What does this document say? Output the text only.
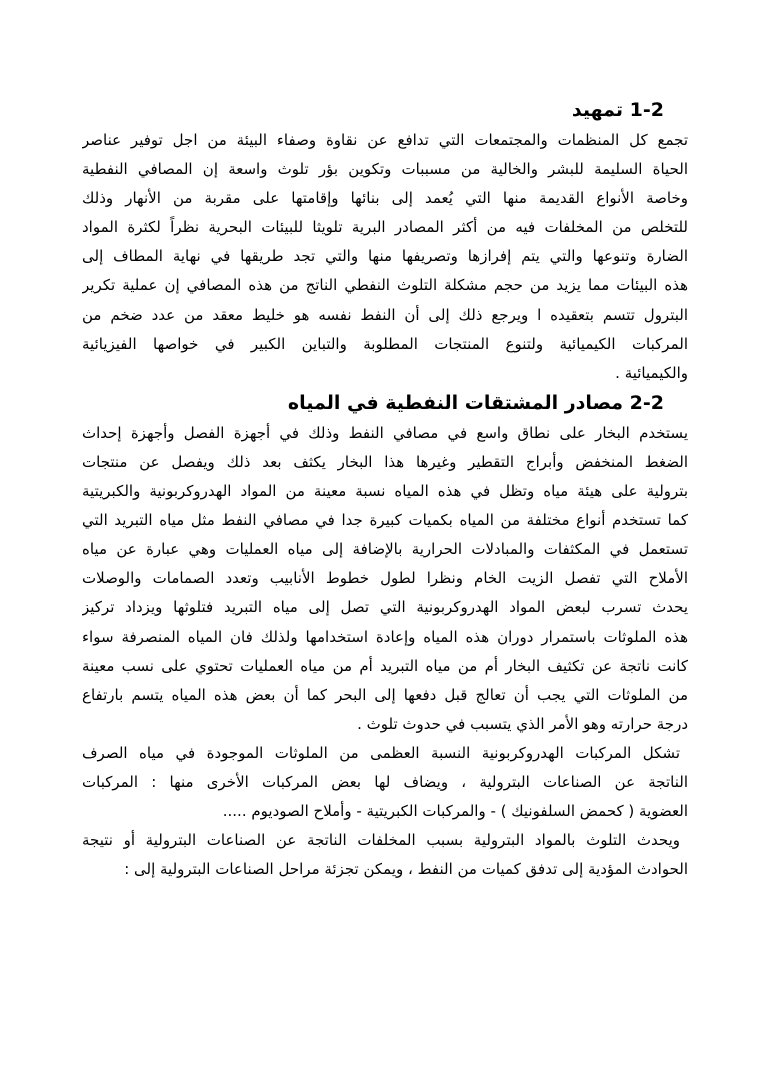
1-2 تمهيد
تجمع كل المنظمات والمجتمعات التي تدافع عن نقاوة وصفاء البيئة من اجل توفير عناصر
الحياة السليمة للبشر والخالية من مسببات وتكوين بؤر تلوث واسعة إن المصافي النفطية
وخاصة الأنواع القديمة منها التي يُعمد إلى بنائها وإقامتها على مقربة من الأنهار وذلك
للتخلص من المخلفات فيه من أكثر المصادر البرية تلويثا للبيئات البحرية نظراً لكثرة المواد
الضارة وتنوعها والتي يتم إفرازها وتصريفها منها والتي تجد طريقها في نهاية المطاف إلى
هذه البيئات مما يزيد من حجم مشكلة التلوث النفطي الناتج من هذه المصافي إن عملية تكرير
البترول تتسم بتعقيده ا ويرجع ذلك إلى أن النفط نفسه هو خليط معقد من عدد ضخم من
المركبات الكيميائية ولتنوع المنتجات المطلوبة والتباين الكبير في خواصها الفيزيائية
والكيميائية .
2-2 مصادر المشتقات النفطية في المياه
يستخدم البخار على نطاق واسع في مصافي النفط وذلك في أجهزة الفصل وأجهزة إحداث
الضغط المنخفض وأبراج التقطير وغيرها هذا البخار يكثف بعد ذلك ويفصل عن منتجات
بترولية على هيئة مياه وتظل في هذه المياه نسبة معينة من المواد الهدروكربونية والكبريتية
كما تستخدم أنواع مختلفة من المياه بكميات كبيرة جدا في مصافي النفط مثل مياه التبريد التي
تستعمل في المكثفات والمبادلات الحرارية بالإضافة إلى مياه العمليات وهي عبارة عن مياه
الأملاح التي تفصل الزيت الخام ونظرا لطول خطوط الأنابيب وتعدد الصمامات والوصلات
يحدث تسرب لبعض المواد الهدروكربونية التي تصل إلى مياه التبريد فتلوثها ويزداد تركيز
هذه الملوثات باستمرار دوران هذه المياه وإعادة استخدامها ولذلك فان المياه المنصرفة سواء
كانت ناتجة عن تكثيف البخار أم من مياه التبريد أم من مياه العمليات تحتوي على نسب معينة
من الملوثات التي يجب أن تعالج قبل دفعها إلى البحر كما أن بعض هذه المياه يتسم بارتفاع
درجة حرارته وهو الأمر الذي يتسبب في حدوث تلوث .
تشكل المركبات الهدروكربونية النسبة العظمى من الملوثات الموجودة في مياه الصرف
الناتجة عن الصناعات البترولية ، ويضاف لها بعض المركبات الأخرى منها : المركبات
العضوية ( كحمض السلفونيك ) - والمركبات الكبريتية - وأملاح الصوديوم .....
ويحدث التلوث بالمواد البترولية بسبب المخلفات الناتجة عن الصناعات البترولية أو نتيجة
الحوادث المؤدية إلى تدفق كميات من النفط ، ويمكن تجزئة مراحل الصناعات البترولية إلى :
